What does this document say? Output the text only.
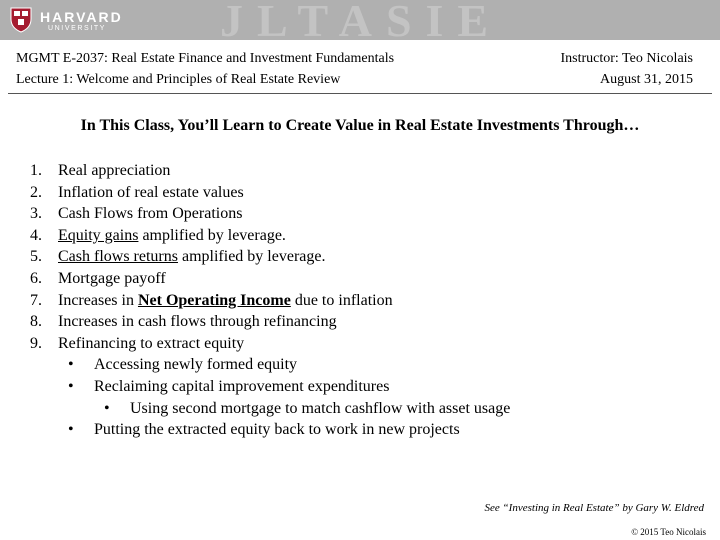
JLTASIE
HARVARD
UNIVERSITY
MGMT E-2037: Real Estate Finance and Investment Fundamentals
Lecture 1: Welcome and Principles of Real Estate Review
Instructor: Teo Nicolais
August 31, 2015
In This Class, You’ll Learn to Create Value in Real Estate Investments Through…
1.	Real appreciation
2.	Inflation of real estate values
3.	Cash Flows from Operations
4.	Equity gains amplified by leverage.
5.	Cash flows returns amplified by leverage.
6.	Mortgage payoff
7.	Increases in Net Operating Income due to inflation
8.	Increases in cash flows through refinancing
9.	Refinancing to extract equity
• Accessing newly formed equity
• Reclaiming capital improvement expenditures
• Using second mortgage to match cashflow with asset usage
• Putting the extracted equity back to work in new projects
See “Investing in Real Estate” by Gary W. Eldred
© 2015 Teo Nicolais
